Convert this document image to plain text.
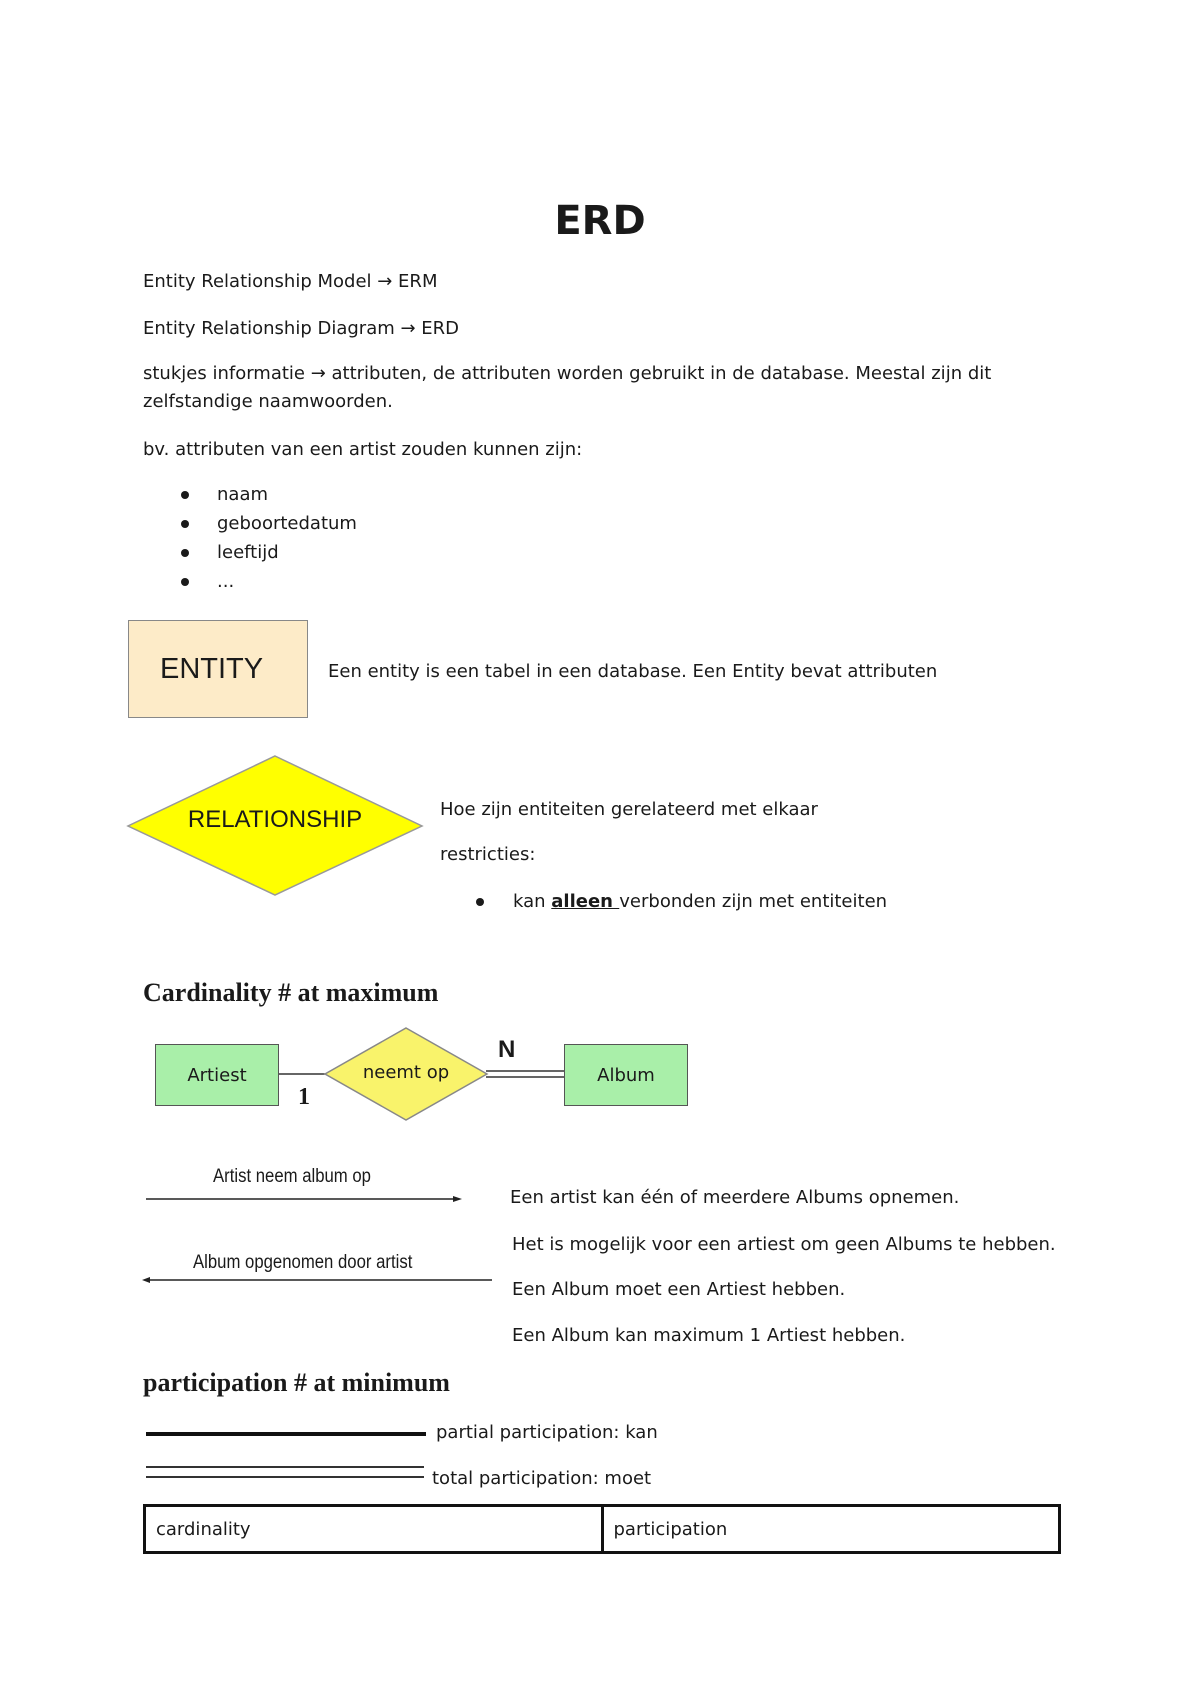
ERD
Entity Relationship Model → ERM
Entity Relationship Diagram → ERD
stukjes informatie → attributen, de attributen worden gebruikt in de database. Meestal zijn dit zelfstandige naamwoorden.
bv. attributen van een artist zouden kunnen zijn:
naam
geboortedatum
leeftijd
...
ENTITY	Een entity is een tabel in een database. Een Entity bevat attributen
RELATIONSHIP	Hoe zijn entiteiten gerelateerd met elkaar
restricties:
kan alleen verbonden zijn met entiteiten
Cardinality # at maximum
Artiest	Album
neemt op
1
N
Artist neem album op
Album opgenomen door artist
Een artist kan één of meerdere Albums opnemen.
Het is mogelijk voor een artiest om geen Albums te hebben.
Een Album moet een Artiest hebben.
Een Album kan maximum 1 Artiest hebben.
participation # at minimum
partial participation: kan
total participation: moet
cardinality	participation
